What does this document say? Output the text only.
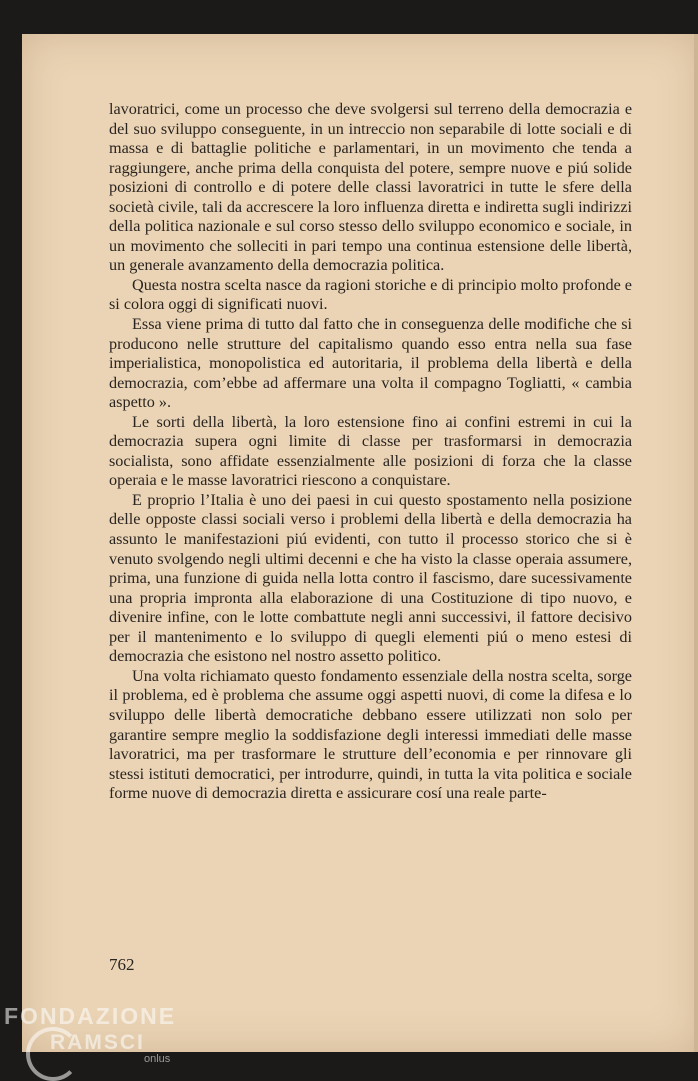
lavoratrici, come un processo che deve svolgersi sul terreno della democrazia e del suo sviluppo conseguente, in un intreccio non separabile di lotte sociali e di massa e di battaglie politiche e parlamentari, in un movimento che tenda a raggiungere, anche prima della conquista del potere, sempre nuove e piú solide posizioni di controllo e di potere delle classi lavoratrici in tutte le sfere della società civile, tali da accrescere la loro influenza diretta e indiretta sugli indirizzi della politica nazionale e sul corso stesso dello sviluppo economico e sociale, in un movimento che solleciti in pari tempo una continua estensione delle libertà, un generale avanzamento della democrazia politica.

Questa nostra scelta nasce da ragioni storiche e di principio molto profonde e si colora oggi di significati nuovi.

Essa viene prima di tutto dal fatto che in conseguenza delle modifiche che si producono nelle strutture del capitalismo quando esso entra nella sua fase imperialistica, monopolistica ed autoritaria, il problema della libertà e della democrazia, com’ebbe ad affermare una volta il compagno Togliatti, « cambia aspetto ».

Le sorti della libertà, la loro estensione fino ai confini estremi in cui la democrazia supera ogni limite di classe per trasformarsi in democrazia socialista, sono affidate essenzialmente alle posizioni di forza che la classe operaia e le masse lavoratrici riescono a conquistare.

E proprio l’Italia è uno dei paesi in cui questo spostamento nella posizione delle opposte classi sociali verso i problemi della libertà e della democrazia ha assunto le manifestazioni piú evidenti, con tutto il processo storico che si è venuto svolgendo negli ultimi decenni e che ha visto la classe operaia assumere, prima, una funzione di guida nella lotta contro il fascismo, dare sucessivamente una propria impronta alla elaborazione di una Costituzione di tipo nuovo, e divenire infine, con le lotte combattute negli anni successivi, il fattore decisivo per il mantenimento e lo sviluppo di quegli elementi piú o meno estesi di democrazia che esistono nel nostro assetto politico.

Una volta richiamato questo fondamento essenziale della nostra scelta, sorge il problema, ed è problema che assume oggi aspetti nuovi, di come la difesa e lo sviluppo delle libertà democratiche debbano essere utilizzati non solo per garantire sempre meglio la soddisfazione degli interessi immediati delle masse lavoratrici, ma per trasformare le strutture dell’economia e per rinnovare gli stessi istituti democratici, per introdurre, quindi, in tutta la vita politica e sociale forme nuove di democrazia diretta e assicurare cosí una reale parte-

762
FONDAZIONE
RAMSCI
onlus
